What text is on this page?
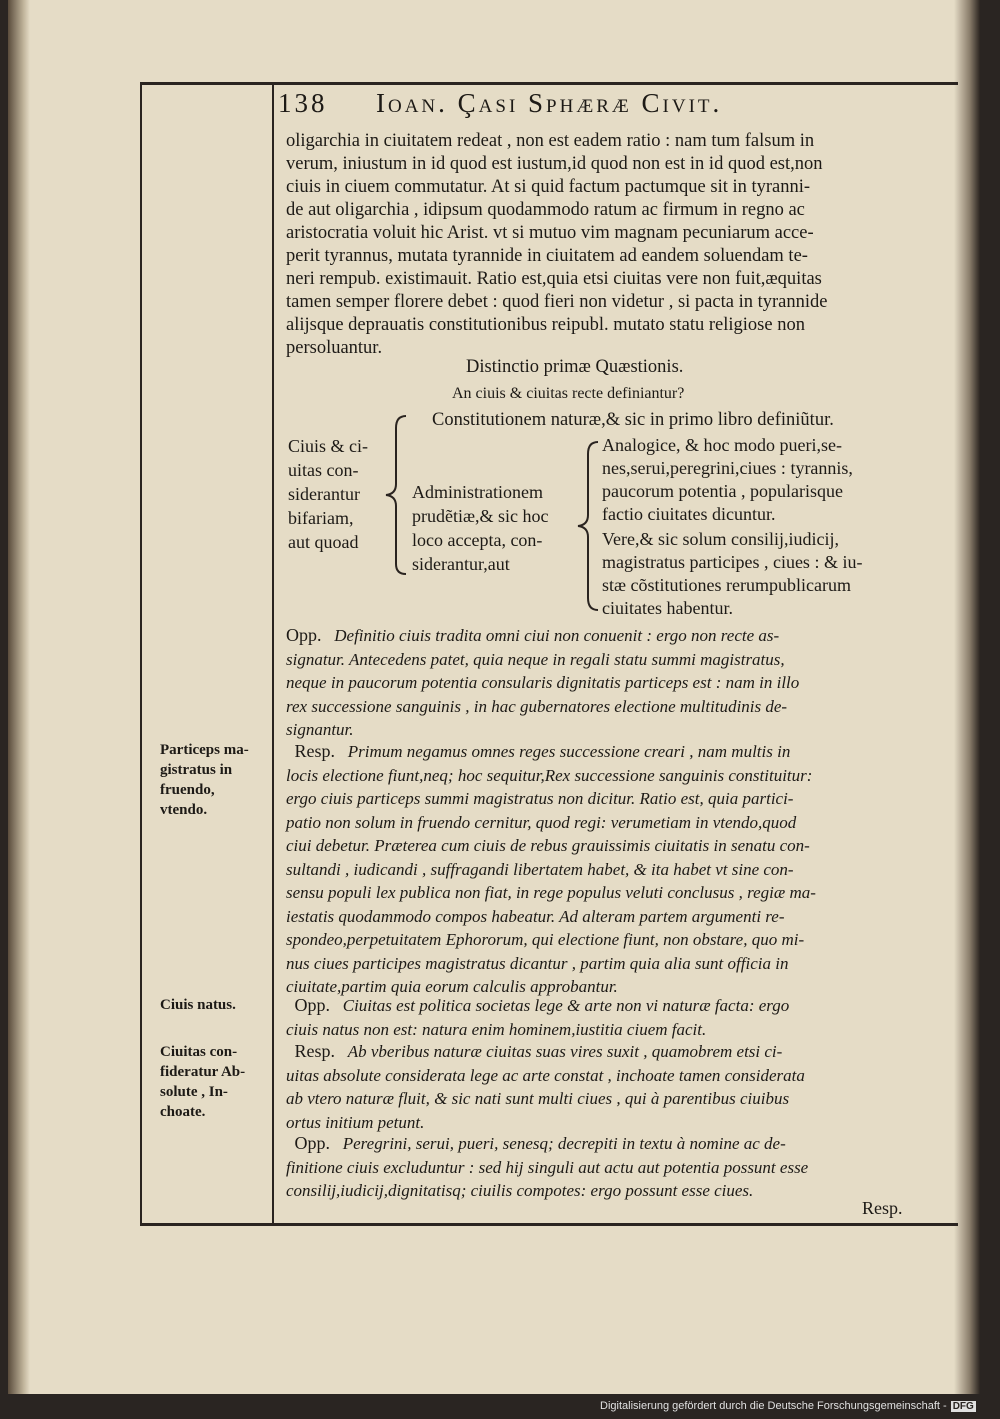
138 Ioan. Çasi Sphæræ Civit.
oligarchia in ciuitatem redeat , non est eadem ratio : nam tum falsum in
verum, iniustum in id quod est iustum,id quod non est in id quod est,non
ciuis in ciuem commutatur. At si quid factum pactumque sit in tyranni-
de aut oligarchia , idipsum quodammodo ratum ac firmum in regno ac
aristocratia voluit hic Arist. vt si mutuo vim magnam pecuniarum acce-
perit tyrannus, mutata tyrannide in ciuitatem ad eandem soluendam te-
neri rempub. existimauit. Ratio est,quia etsi ciuitas vere non fuit,æquitas
tamen semper florere debet : quod fieri non videtur , si pacta in tyrannide
alijsque deprauatis constitutionibus reipubl. mutato statu religiose non
persoluantur.
Distinctio primæ Quæstionis.
An ciuis & ciuitas recte definiantur?
Ciuis & ci-
uitas con-
siderantur
bifariam,
aut quoad
Constitutionem naturæ,& sic in primo libro definiũtur.
Administrationem
prudẽtiæ,& sic hoc
loco accepta, con-
siderantur,aut
Analogice, & hoc modo pueri,se-
nes,serui,peregrini,ciues : tyrannis,
paucorum potentia , popularisque
factio ciuitates dicuntur.
Vere,& sic solum consilij,iudicij,
magistratus participes , ciues : & iu-
stæ cõstitutiones rerumpublicarum
ciuitates habentur.
Opp. Definitio ciuis tradita omni ciui non conuenit : ergo non recte as-
signatur. Antecedens patet, quia neque in regali statu summi magistratus,
neque in paucorum potentia consularis dignitatis particeps est : nam in illo
rex successione sanguinis , in hac gubernatores electione multitudinis de-
signantur.
Resp. Primum negamus omnes reges successione creari , nam multis in
locis electione fiunt,neq; hoc sequitur,Rex successione sanguinis constituitur:
ergo ciuis particeps summi magistratus non dicitur. Ratio est, quia partici-
patio non solum in fruendo cernitur, quod regi: verumetiam in vtendo,quod
ciui debetur. Præterea cum ciuis de rebus grauissimis ciuitatis in senatu con-
sultandi , iudicandi , suffragandi libertatem habet, & ita habet vt sine con-
sensu populi lex publica non fiat, in rege populus veluti conclusus , regiæ ma-
iestatis quodammodo compos habeatur. Ad alteram partem argumenti re-
spondeo,perpetuitatem Ephororum, qui electione fiunt, non obstare, quo mi-
nus ciues participes magistratus dicantur , partim quia alia sunt officia in
ciuitate,partim quia eorum calculis approbantur.
Opp. Ciuitas est politica societas lege & arte non vi naturæ facta: ergo
ciuis natus non est: natura enim hominem,iustitia ciuem facit.
Resp. Ab vberibus naturæ ciuitas suas vires suxit , quamobrem etsi ci-
uitas absolute considerata lege ac arte constat , inchoate tamen considerata
ab vtero naturæ fluit, & sic nati sunt multi ciues , qui à parentibus ciuibus
ortus initium petunt.
Opp. Peregrini, serui, pueri, senesq; decrepiti in textu à nomine ac de-
finitione ciuis excluduntur : sed hij singuli aut actu aut potentia possunt esse
consilij,iudicij,dignitatisq; ciuilis compotes: ergo possunt esse ciues.
Particeps ma-
gistratus in
fruendo,
vtendo.
Ciuis natus.
Ciuitas con-
fideratur Ab-
solute , In-
choate.
Resp.
Digitalisierung gefördert durch die Deutsche Forschungsgemeinschaft - DFG
